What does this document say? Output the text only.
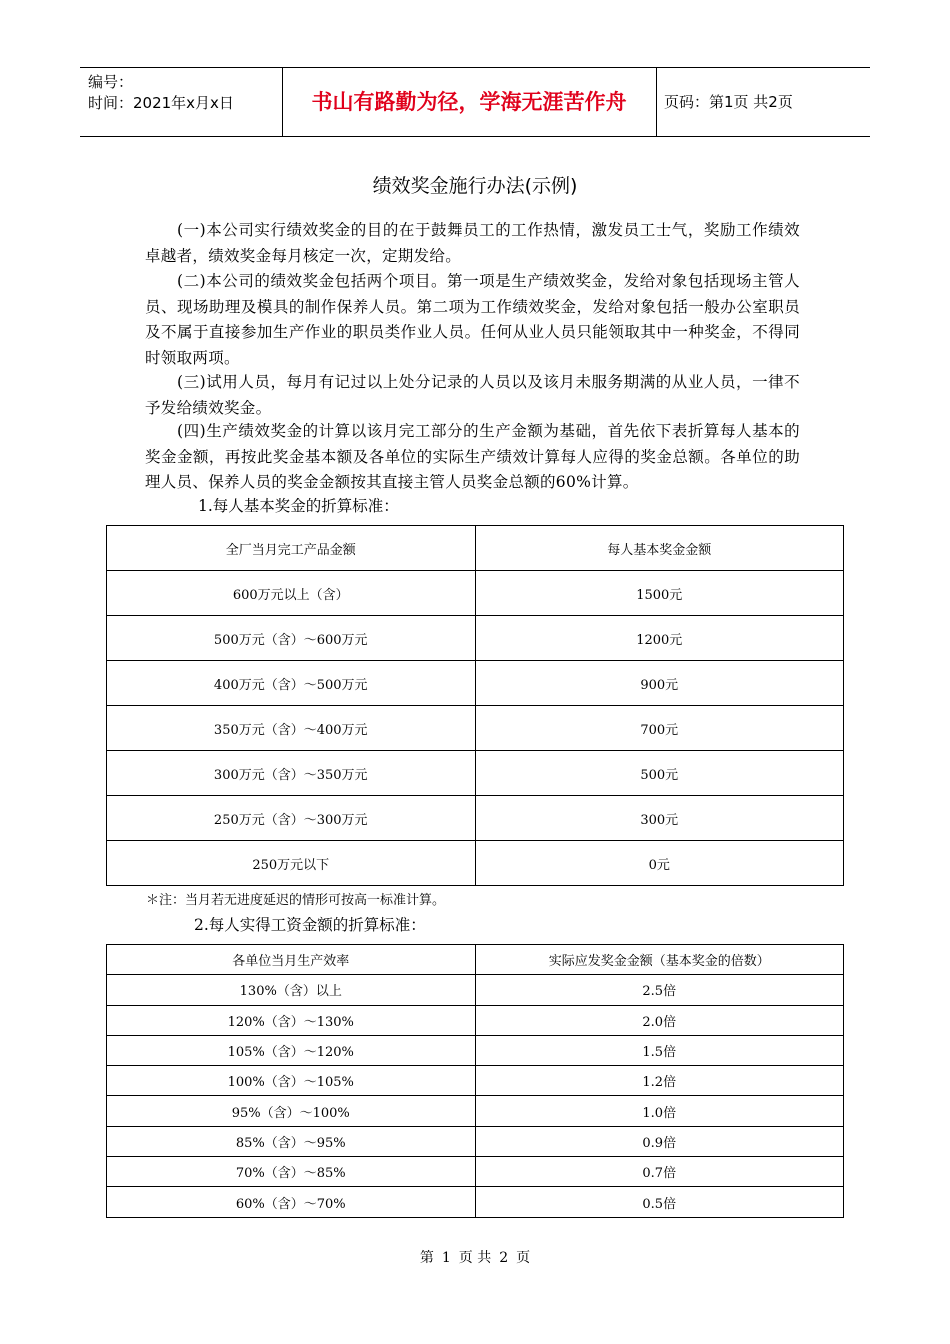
编号：
时间：2021年x月x日	书山有路勤为径，学海无涯苦作舟	页码：第1页 共2页
绩效奖金施行办法(示例)
(一)本公司实行绩效奖金的目的在于鼓舞员工的工作热情，激发员工士气，奖励工作绩效卓越者，绩效奖金每月核定一次，定期发给。
(二)本公司的绩效奖金包括两个项目。第一项是生产绩效奖金，发给对象包括现场主管人员、现场助理及模具的制作保养人员。第二项为工作绩效奖金，发给对象包括一般办公室职员及不属于直接参加生产作业的职员类作业人员。任何从业人员只能领取其中一种奖金，不得同时领取两项。
(三)试用人员，每月有记过以上处分记录的人员以及该月未服务期满的从业人员，一律不予发给绩效奖金。
(四)生产绩效奖金的计算以该月完工部分的生产金额为基础，首先依下表折算每人基本的奖金金额，再按此奖金基本额及各单位的实际生产绩效计算每人应得的奖金总额。各单位的助理人员、保养人员的奖金金额按其直接主管人员奖金总额的60%计算。
1.每人基本奖金的折算标准：
全厂当月完工产品金额	每人基本奖金金额
600万元以上（含）	1500元
500万元（含）～600万元	1200元
400万元（含）～500万元	900元
350万元（含）～400万元	700元
300万元（含）～350万元	500元
250万元（含）～300万元	300元
250万元以下	0元
＊注：当月若无进度延迟的情形可按高一标准计算。
2.每人实得工资金额的折算标准：
各单位当月生产效率	实际应发奖金金额（基本奖金的倍数）
130%（含）以上	2.5倍
120%（含）～130%	2.0倍
105%（含）～120%	1.5倍
100%（含）～105%	1.2倍
95%（含）～100%	1.0倍
85%（含）～95%	0.9倍
70%（含）～85%	0.7倍
60%（含）～70%	0.5倍
第 1 页 共 2 页
